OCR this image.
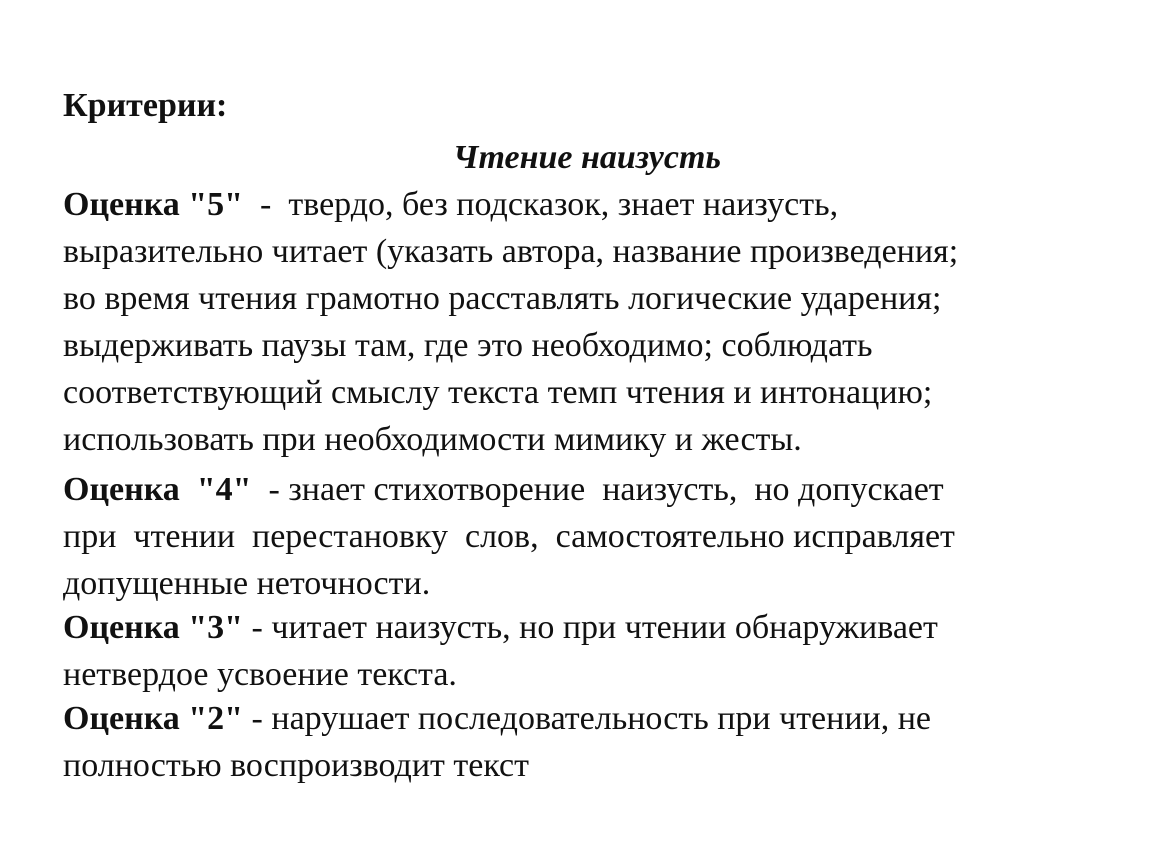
Критерии:

Чтение наизусть

Оценка "5"  -  твердо, без подсказок, знает наизусть,
выразительно читает (указать автора, название произведения;
во время чтения грамотно расставлять логические ударения;
выдерживать паузы там, где это необходимо; соблюдать
соответствующий смыслу текста темп чтения и интонацию;
использовать при необходимости мимику и жесты.
Оценка  "4"  - знает стихотворение  наизусть,  но допускает
при  чтении  перестановку  слов,  самостоятельно исправляет
допущенные неточности.
Оценка "3" - читает наизусть, но при чтении обнаруживает
нетвердое усвоение текста.
Оценка "2" - нарушает последовательность при чтении, не
полностью воспроизводит текст
